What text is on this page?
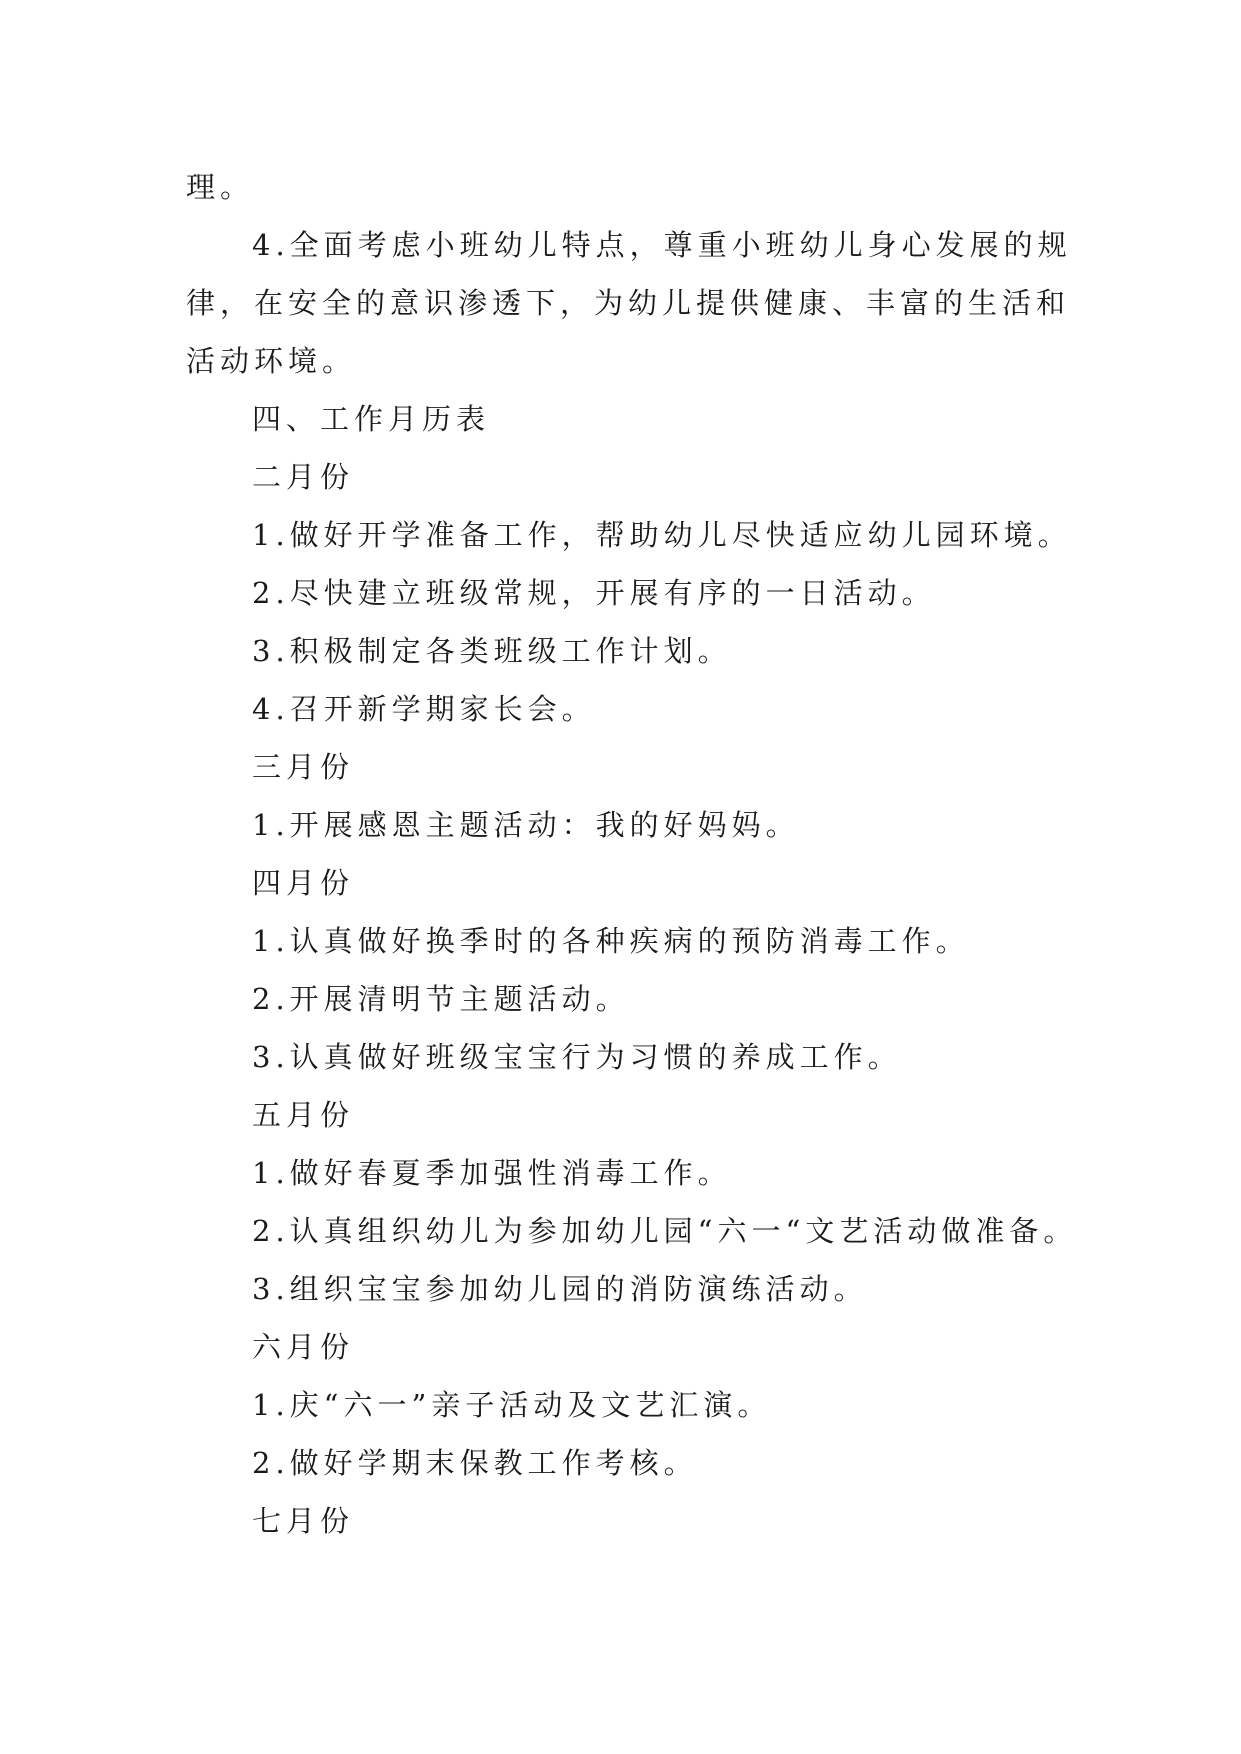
理。

4.全面考虑小班幼儿特点，尊重小班幼儿身心发展的规

律，在安全的意识渗透下，为幼儿提供健康、丰富的生活和

活动环境。

四、工作月历表

二月份

1.做好开学准备工作，帮助幼儿尽快适应幼儿园环境。

2.尽快建立班级常规，开展有序的一日活动。

3.积极制定各类班级工作计划。

4.召开新学期家长会。

三月份

1.开展感恩主题活动：我的好妈妈。

四月份

1.认真做好换季时的各种疾病的预防消毒工作。

2.开展清明节主题活动。

3.认真做好班级宝宝行为习惯的养成工作。

五月份

1.做好春夏季加强性消毒工作。

2.认真组织幼儿为参加幼儿园“六一“文艺活动做准备。

3.组织宝宝参加幼儿园的消防演练活动。

六月份

1.庆“六一”亲子活动及文艺汇演。

2.做好学期末保教工作考核。

七月份
